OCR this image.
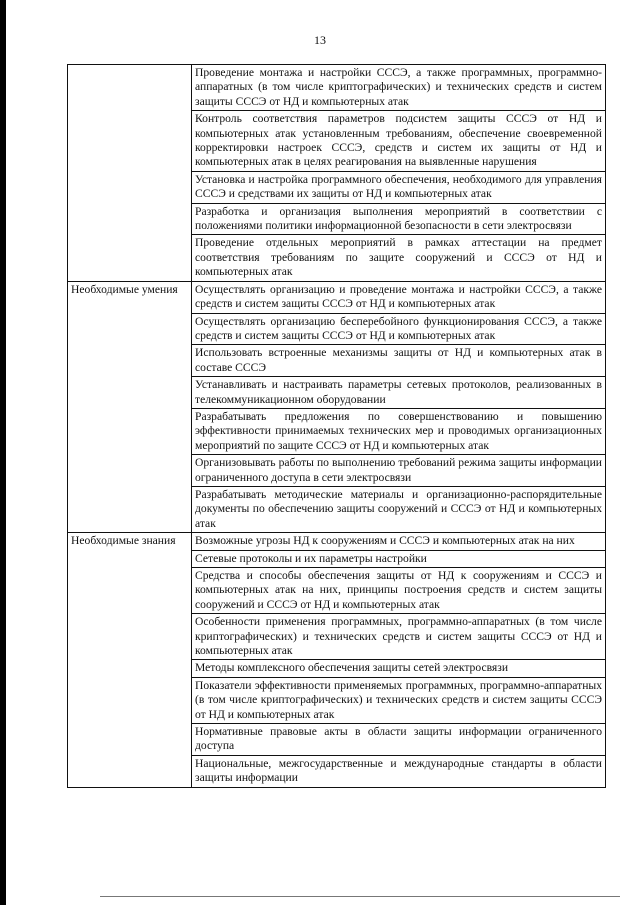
13
	Проведение монтажа и настройки СССЭ, а также программных, программно-аппаратных (в том числе криптографических) и технических средств и систем защиты СССЭ от НД и компьютерных атак
	Контроль соответствия параметров подсистем защиты СССЭ от НД и компьютерных атак установленным требованиям, обеспечение своевременной корректировки настроек СССЭ, средств и систем их защиты от НД и компьютерных атак в целях реагирования на выявленные нарушения
	Установка и настройка программного обеспечения, необходимого для управления СССЭ и средствами их защиты от НД и компьютерных атак
	Разработка и организация выполнения мероприятий в соответствии с положениями политики информационной безопасности в сети электросвязи
	Проведение отдельных мероприятий в рамках аттестации на предмет соответствия требованиям по защите сооружений и СССЭ от НД и компьютерных атак
Необходимые умения	Осуществлять организацию и проведение монтажа и настройки СССЭ, а также средств и систем защиты СССЭ от НД и компьютерных атак
	Осуществлять организацию бесперебойного функционирования СССЭ, а также средств и систем защиты СССЭ от НД и компьютерных атак
	Использовать встроенные механизмы защиты от НД и компьютерных атак в составе СССЭ
	Устанавливать и настраивать параметры сетевых протоколов, реализованных в телекоммуникационном оборудовании
	Разрабатывать предложения по совершенствованию и повышению эффективности принимаемых технических мер и проводимых организационных мероприятий по защите СССЭ от НД и компьютерных атак
	Организовывать работы по выполнению требований режима защиты информации ограниченного доступа в сети электросвязи
	Разрабатывать методические материалы и организационно-распорядительные документы по обеспечению защиты сооружений и СССЭ от НД и компьютерных атак
Необходимые знания	Возможные угрозы НД к сооружениям и СССЭ и компьютерных атак на них
	Сетевые протоколы и их параметры настройки
	Средства и способы обеспечения защиты от НД к сооружениям и СССЭ и компьютерных атак на них, принципы построения средств и систем защиты сооружений и СССЭ от НД и компьютерных атак
	Особенности применения программных, программно-аппаратных (в том числе криптографических) и технических средств и систем защиты СССЭ от НД и компьютерных атак
	Методы комплексного обеспечения защиты сетей электросвязи
	Показатели эффективности применяемых программных, программно-аппаратных (в том числе криптографических) и технических средств и систем защиты СССЭ от НД и компьютерных атак
	Нормативные правовые акты в области защиты информации ограниченного доступа
	Национальные, межгосударственные и международные стандарты в области защиты информации
